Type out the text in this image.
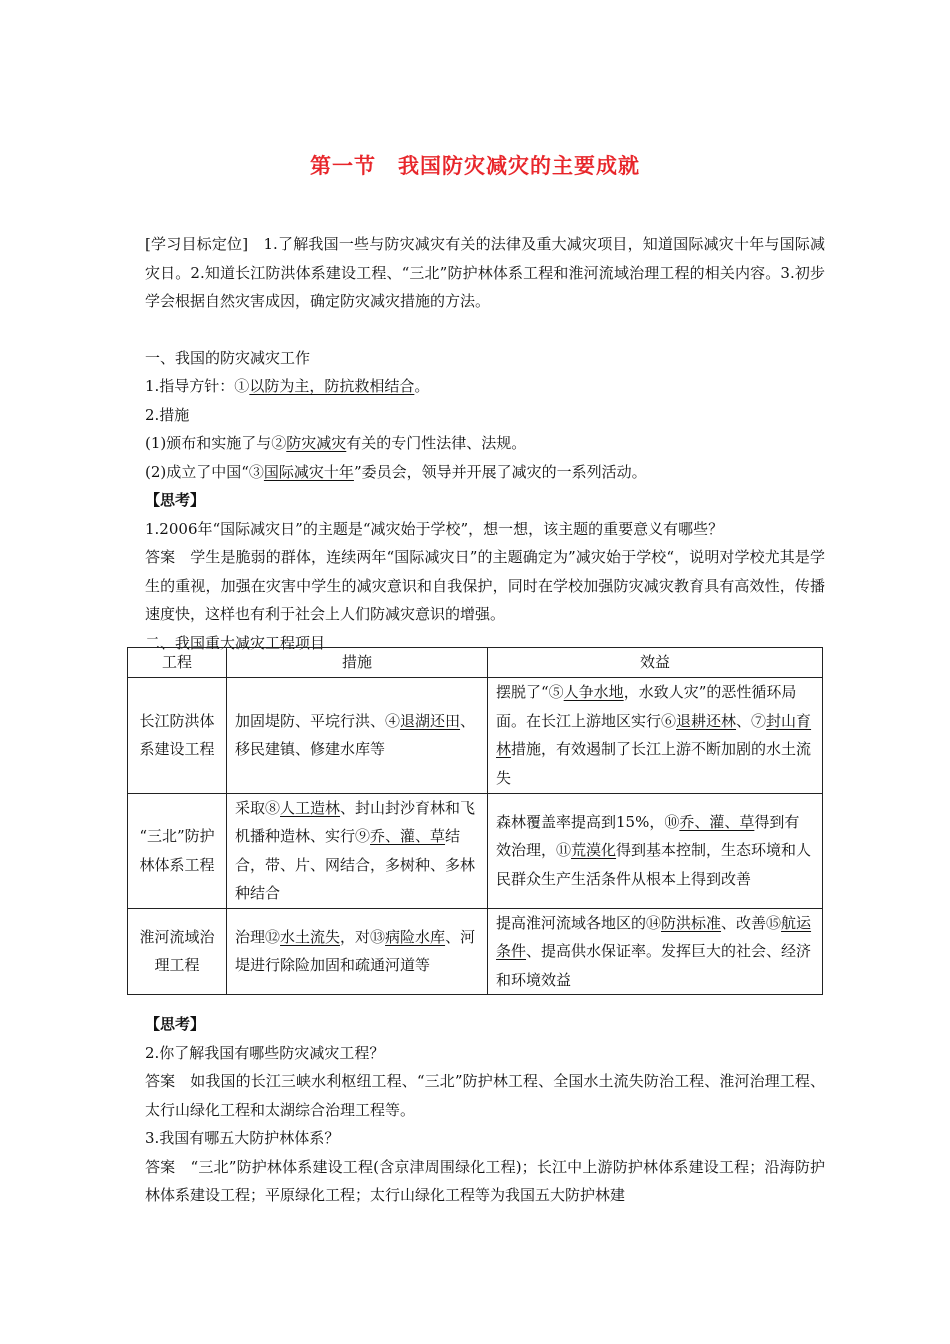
第一节　我国防灾减灾的主要成就

[学习目标定位]　1.了解我国一些与防灾减灾有关的法律及重大减灾项目，知道国际减灾十年与国际减灾日。2.知道长江防洪体系建设工程、“三北”防护林体系工程和淮河流域治理工程的相关内容。3.初步学会根据自然灾害成因，确定防灾减灾措施的方法。

一、我国的防灾减灾工作

1.指导方针：①以防为主，防抗救相结合。

2.措施

(1)颁布和实施了与②防灾减灾有关的专门性法律、法规。

(2)成立了中国“③国际减灾十年”委员会，领导并开展了减灾的一系列活动。

【思考】

1.2006年“国际减灾日”的主题是“减灾始于学校”，想一想，该主题的重要意义有哪些？

答案　学生是脆弱的群体，连续两年“国际减灾日”的主题确定为”减灾始于学校“，说明对学校尤其是学生的重视，加强在灾害中学生的减灾意识和自我保护，同时在学校加强防灾减灾教育具有高效性，传播速度快，这样也有利于社会上人们防减灾意识的增强。

二、我国重大减灾工程项目

工程	措施	效益
长江防洪体系建设工程	加固堤防、平垸行洪、④退湖还田、移民建镇、修建水库等	摆脱了“⑤人争水地，水致人灾”的恶性循环局面。在长江上游地区实行⑥退耕还林、⑦封山育林措施，有效遏制了长江上游不断加剧的水土流失
“三北”防护林体系工程	采取⑧人工造林、封山封沙育林和飞机播种造林、实行⑨乔、灌、草结合，带、片、网结合，多树种、多林种结合	森林覆盖率提高到15%，⑩乔、灌、草得到有效治理，⑪荒漠化得到基本控制，生态环境和人民群众生产生活条件从根本上得到改善
淮河流域治理工程	治理⑫水土流失，对⑬病险水库、河堤进行除险加固和疏通河道等	提高淮河流域各地区的⑭防洪标准、改善⑮航运条件、提高供水保证率。发挥巨大的社会、经济和环境效益

【思考】

2.你了解我国有哪些防灾减灾工程？

答案　如我国的长江三峡水利枢纽工程、“三北”防护林工程、全国水土流失防治工程、淮河治理工程、太行山绿化工程和太湖综合治理工程等。

3.我国有哪五大防护林体系？

答案　“三北”防护林体系建设工程(含京津周围绿化工程)；长江中上游防护林体系建设工程；沿海防护林体系建设工程；平原绿化工程；太行山绿化工程等为我国五大防护林建
